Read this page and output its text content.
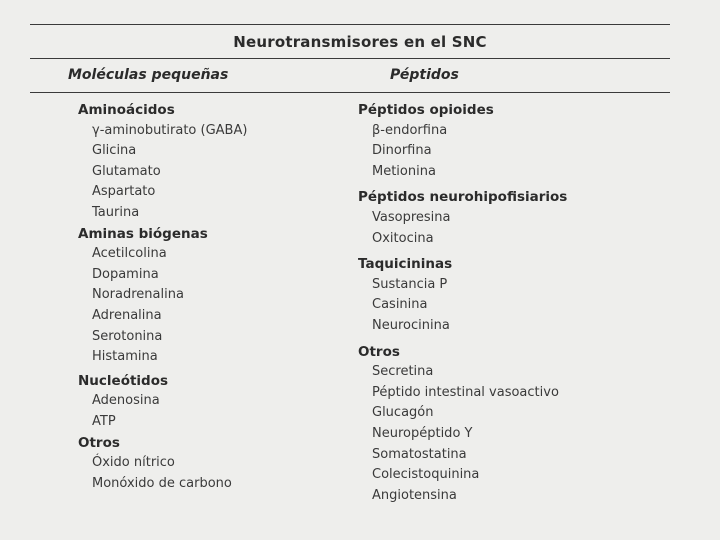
Neurotransmisores en el SNC
Moléculas pequeñas	Péptidos
Aminoácidos
γ-aminobutirato (GABA)
Glicina
Glutamato
Aspartato
Taurina
Aminas biógenas
Acetilcolina
Dopamina
Noradrenalina
Adrenalina
Serotonina
Histamina
Nucleótidos
Adenosina
ATP
Otros
Óxido nítrico
Monóxido de carbono
Péptidos opioides
β-endorfina
Dinorfina
Metionina
Péptidos neurohipofisiarios
Vasopresina
Oxitocina
Taquicininas
Sustancia P
Casinina
Neurocinina
Otros
Secretina
Péptido intestinal vasoactivo
Glucagón
Neuropéptido Y
Somatostatina
Colecistoquinina
Angiotensina
